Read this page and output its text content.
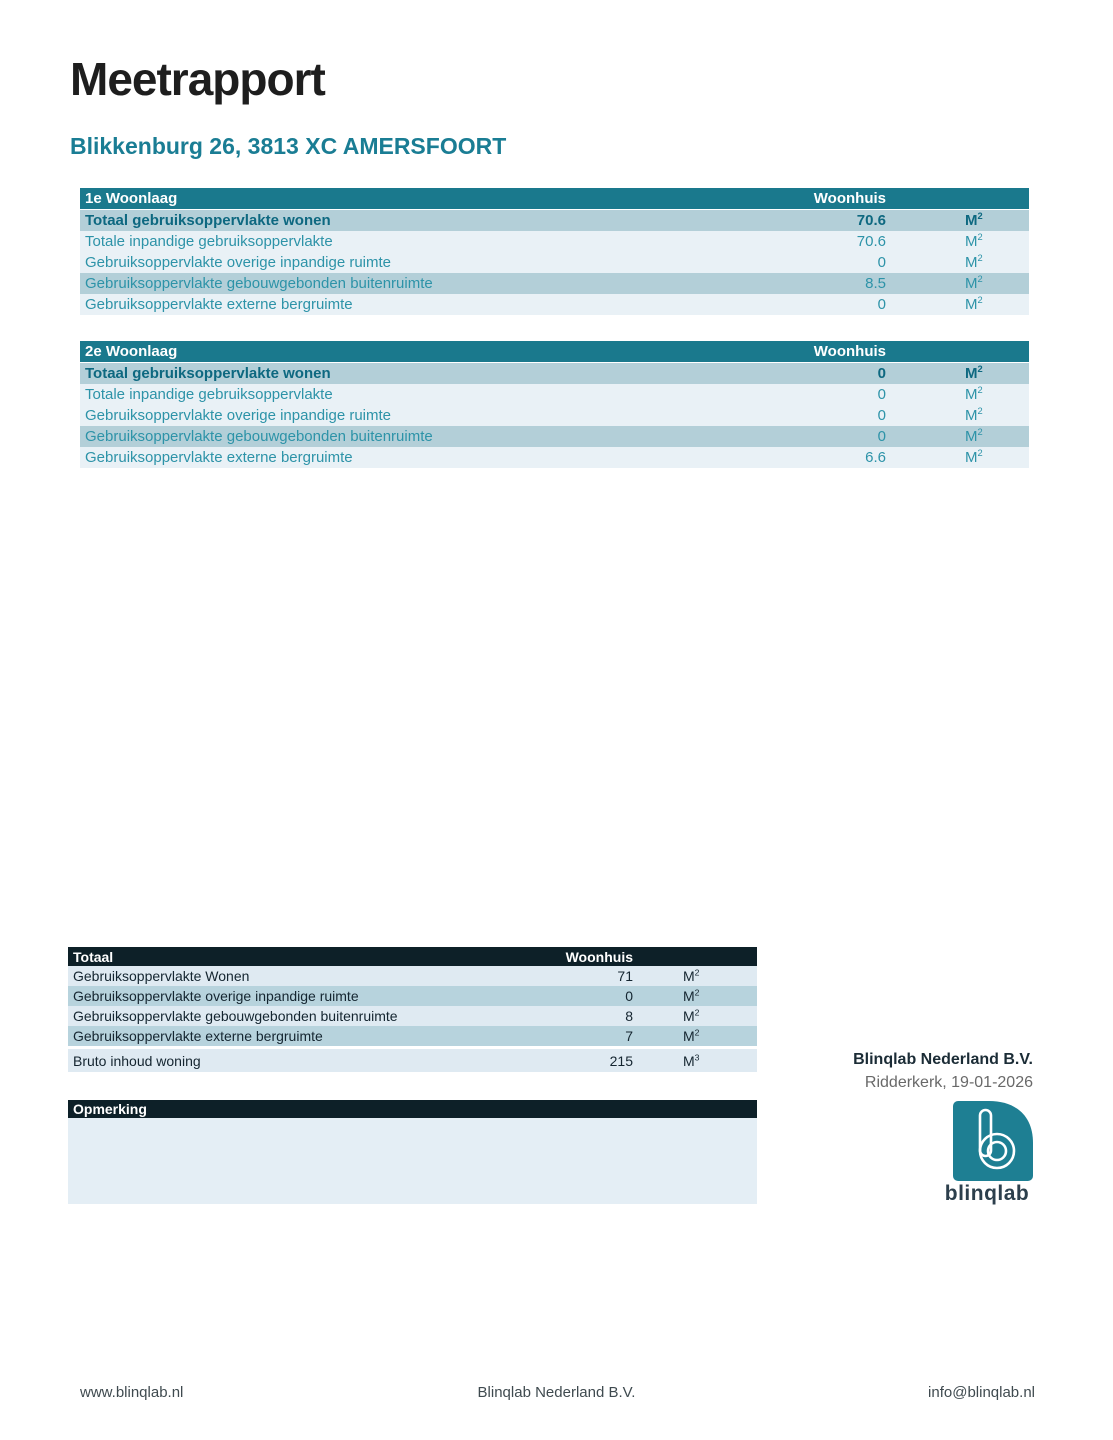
Meetrapport
Blikkenburg 26, 3813 XC AMERSFOORT
1e Woonlaag	Woonhuis
Totaal gebruiksoppervlakte wonen	70.6	$M^2$
Totale inpandige gebruiksoppervlakte	70.6	$M^2$
Gebruiksoppervlakte overige inpandige ruimte	0	$M^2$
Gebruiksoppervlakte gebouwgebonden buitenruimte	8.5	$M^2$
Gebruiksoppervlakte externe bergruimte	0	$M^2$
2e Woonlaag	Woonhuis
Totaal gebruiksoppervlakte wonen	0	$M^2$
Totale inpandige gebruiksoppervlakte	0	$M^2$
Gebruiksoppervlakte overige inpandige ruimte	0	$M^2$
Gebruiksoppervlakte gebouwgebonden buitenruimte	0	$M^2$
Gebruiksoppervlakte externe bergruimte	6.6	$M^2$
Totaal	Woonhuis
Gebruiksoppervlakte Wonen	71	$M^2$
Gebruiksoppervlakte overige inpandige ruimte	0	$M^2$
Gebruiksoppervlakte gebouwgebonden buitenruimte	8	$M^2$
Gebruiksoppervlakte externe bergruimte	7	$M^2$
Bruto inhoud woning	215	$M^3$
Opmerking
Blinqlab Nederland B.V.
Ridderkerk, 19-01-2026
blinqlab
www.blinqlab.nl	Blinqlab Nederland B.V.	info@blinqlab.nl
